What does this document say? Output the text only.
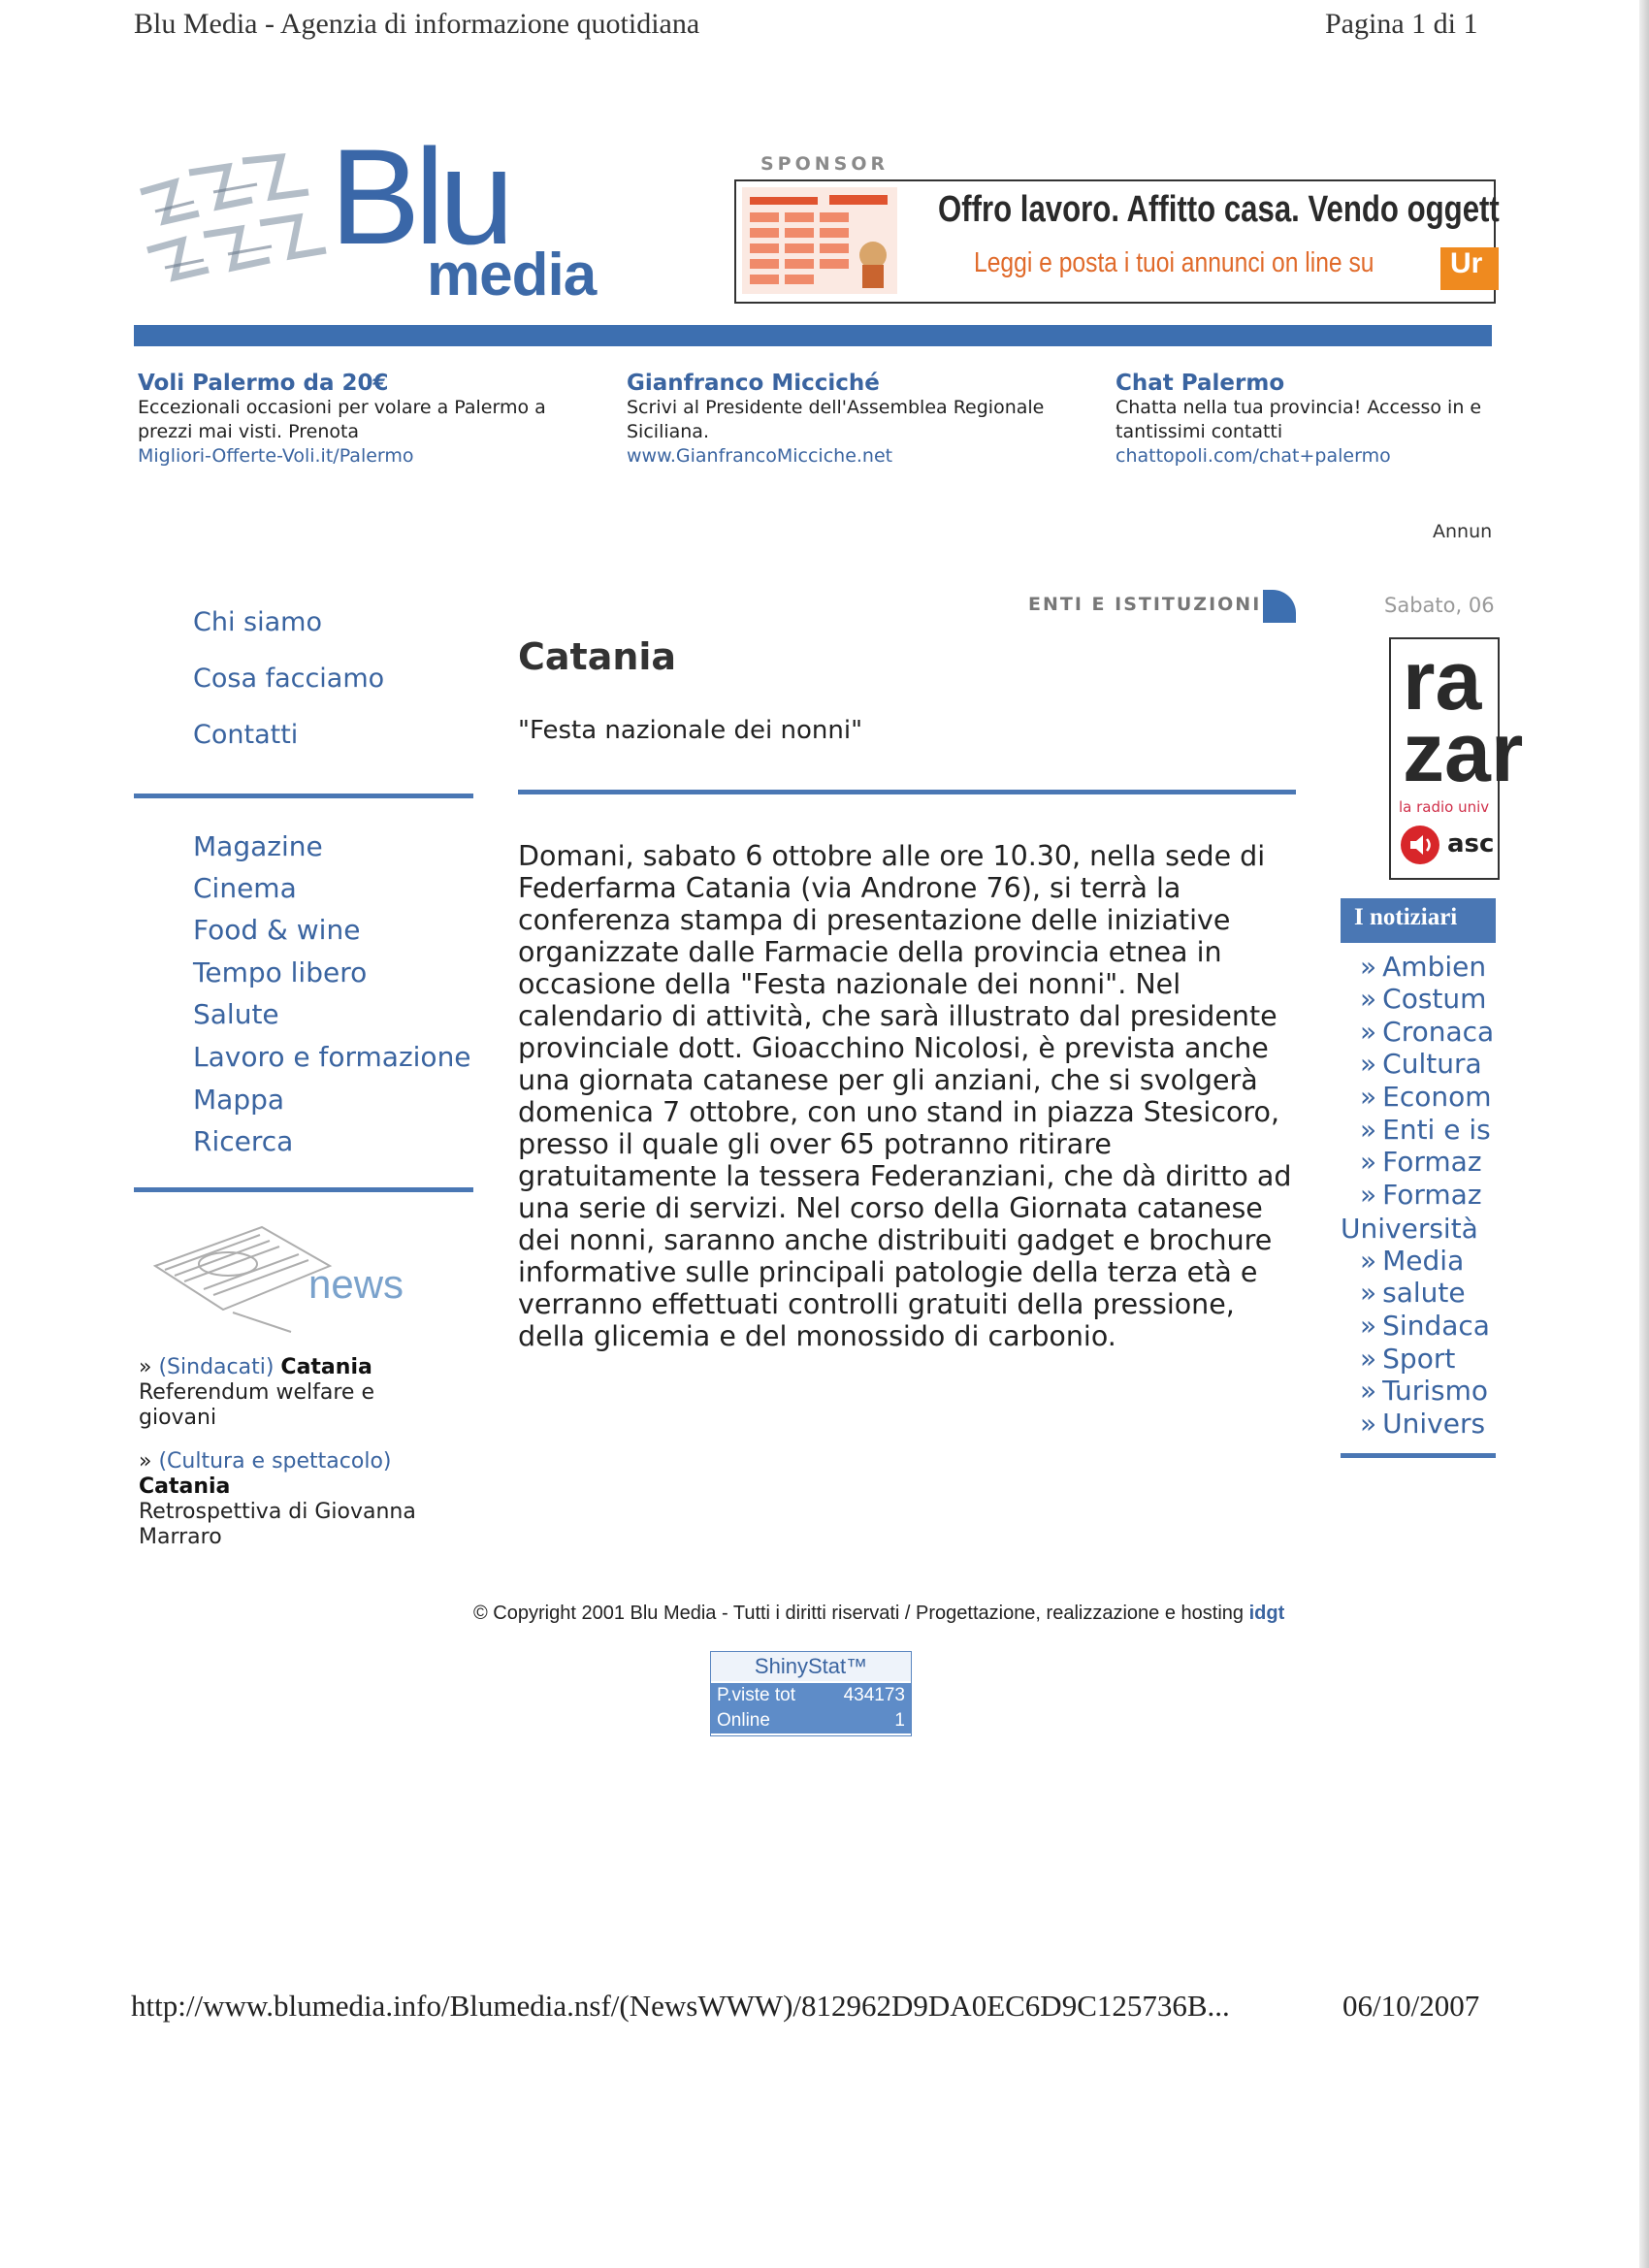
Blu Media - Agenzia di informazione quotidiana	Pagina 1 di 1
Blu
media
SPONSOR
Offro lavoro. Affitto casa. Vendo oggett
Leggi e posta i tuoi annunci on line su	Ur
Voli Palermo da 20€
Eccezionali occasioni per volare a Palermo a prezzi mai visti. Prenota
Migliori-Offerte-Voli.it/Palermo
Gianfranco Micciché
Scrivi al Presidente dell'Assemblea Regionale Siciliana.
www.GianfrancoMicciche.net
Chat Palermo
Chatta nella tua provincia! Accesso in e tantissimi contatti
chattopoli.com/chat+palermo
Annun
Chi siamo
Cosa facciamo
Contatti
Magazine
Cinema
Food & wine
Tempo libero
Salute
Lavoro e formazione
Mappa
Ricerca
news
» (Sindacati) Catania
Referendum welfare e giovani
» (Cultura e spettacolo)
Catania
Retrospettiva di Giovanna Marraro
ENTI E ISTITUZIONI
Catania
"Festa nazionale dei nonni"
Domani, sabato 6 ottobre alle ore 10.30, nella sede di Federfarma Catania (via Androne 76), si terrà la conferenza stampa di presentazione delle iniziative organizzate dalle Farmacie della provincia etnea in occasione della "Festa nazionale dei nonni". Nel calendario di attività, che sarà illustrato dal presidente provinciale dott. Gioacchino Nicolosi, è prevista anche una giornata catanese per gli anziani, che si svolgerà domenica 7 ottobre, con uno stand in piazza Stesicoro, presso il quale gli over 65 potranno ritirare gratuitamente la tessera Federanziani, che dà diritto ad una serie di servizi. Nel corso della Giornata catanese dei nonni, saranno anche distribuiti gadget e brochure informative sulle principali patologie della terza età e verranno effettuati controlli gratuiti della pressione, della glicemia e del monossido di carbonio.
Sabato, 06
ra
zar
la radio univ
asc
I notiziari
» Ambien
» Costum
» Cronaca
» Cultura
» Econom
» Enti e is
» Formaz
» Formaz
Università
» Media
» salute
» Sindaca
» Sport
» Turismo
» Univers
© Copyright 2001 Blu Media - Tutti i diritti riservati / Progettazione, realizzazione e hosting idgt
ShinyStat™
P.viste tot	434173
Online	1
http://www.blumedia.info/Blumedia.nsf/(NewsWWW)/812962D9DA0EC6D9C125736B...	06/10/2007
